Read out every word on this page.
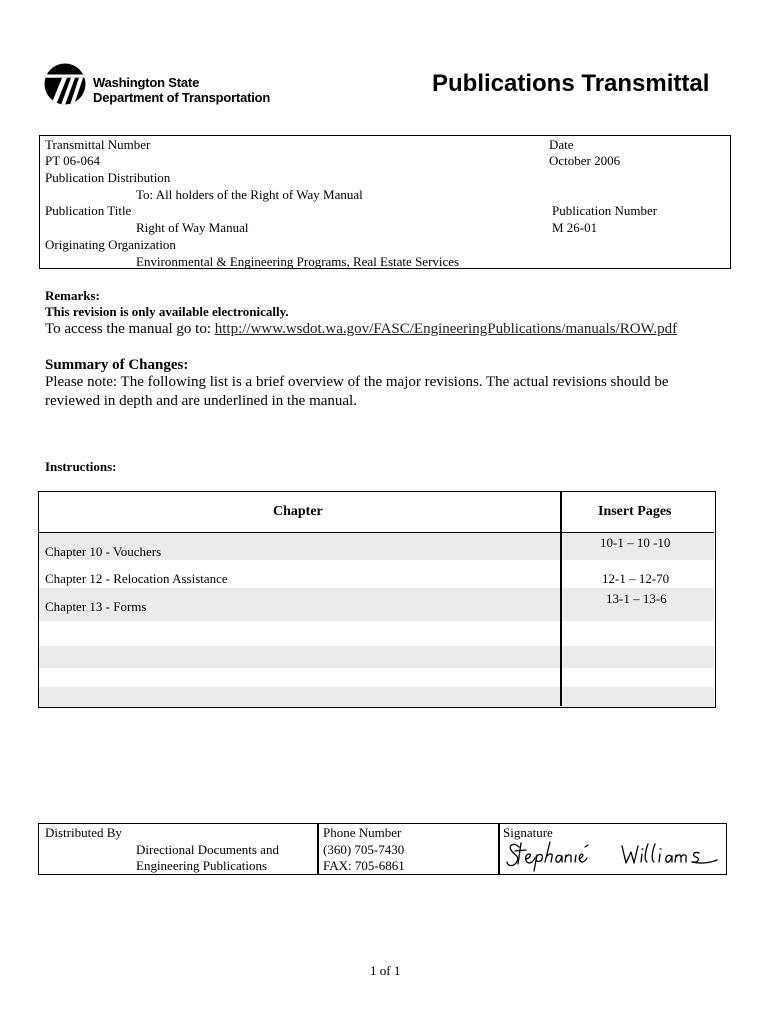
Washington State
Department of Transportation
Publications Transmittal
Transmittal Number
PT 06-064
Date
October 2006
Publication Distribution
To: All holders of the Right of Way Manual
Publication Title
Right of Way Manual
Publication Number
M 26-01
Originating Organization
Environmental & Engineering Programs, Real Estate Services
Remarks:
This revision is only available electronically.
To access the manual go to: http://www.wsdot.wa.gov/FASC/EngineeringPublications/manuals/ROW.pdf
Summary of Changes:
Please note: The following list is a brief overview of the major revisions. The actual revisions should be
reviewed in depth and are underlined in the manual.
Instructions:
Chapter	Insert Pages
Chapter 10 - Vouchers
10-1 – 10 -10
Chapter 12 - Relocation Assistance	12-1 – 12-70
Chapter 13 - Forms
13-1 – 13-6
Distributed By
Directional Documents and
Engineering Publications
Phone Number
(360) 705-7430
FAX: 705-6861
Signature
1 of 1
